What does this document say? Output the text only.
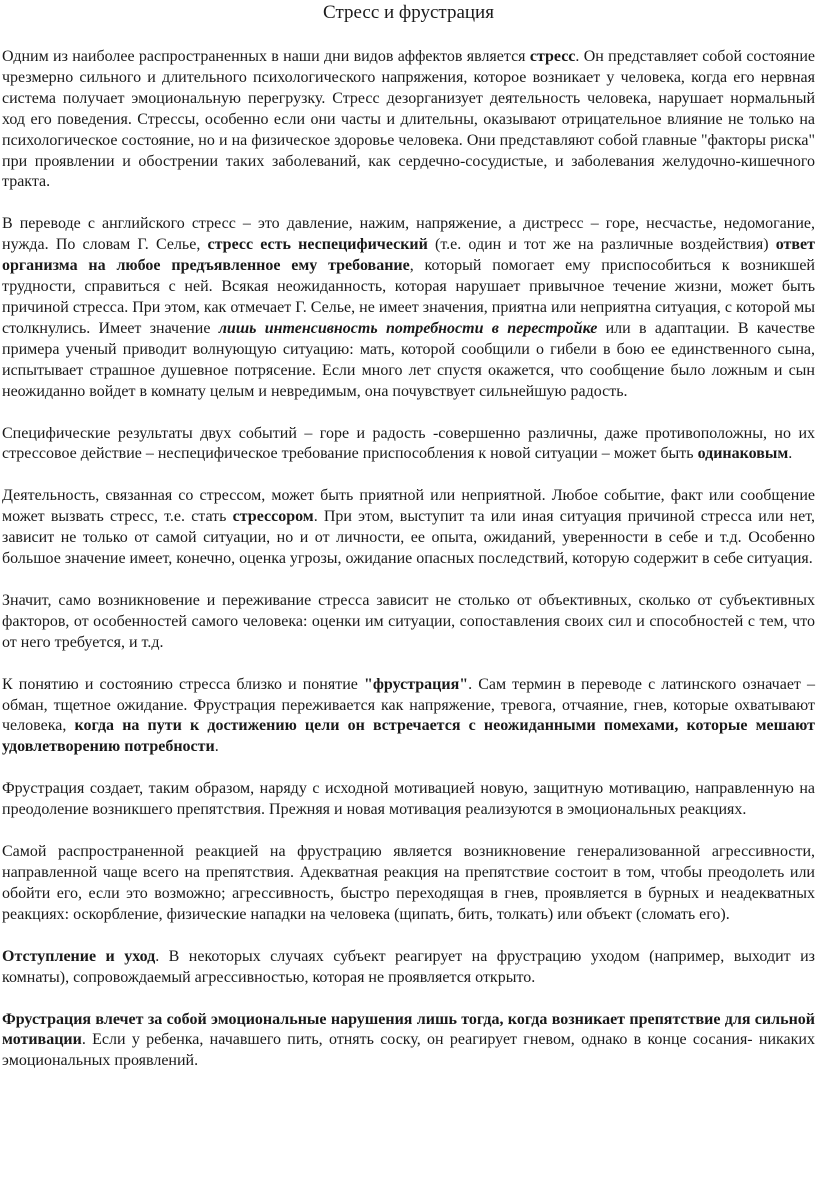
Стресс и фрустрация

Одним из наиболее распространенных в наши дни видов аффектов является стресс. Он представляет собой состояние чрезмерно сильного и длительного психологического напряжения, которое возникает у человека, когда его нервная система получает эмоциональную перегрузку. Стресс дезорганизует деятельность человека, нарушает нормальный ход его поведения. Стрессы, особенно если они часты и длительны, оказывают отрицательное влияние не только на психологическое состояние, но и на физическое здоровье человека. Они представляют собой главные "факторы риска" при проявлении и обострении таких заболеваний, как сердечно-сосудистые, и заболевания желудочно-кишечного тракта.

В переводе с английского стресс – это давление, нажим, напряжение, а дистресс – горе, несчастье, недомогание, нужда. По словам Г. Селье, стресс есть неспецифический (т.е. один и тот же на различные воздействия) ответ организма на любое предъявленное ему требование, который помогает ему приспособиться к возникшей трудности, справиться с ней. Всякая неожиданность, которая нарушает привычное течение жизни, может быть причиной стресса. При этом, как отмечает Г. Селье, не имеет значения, приятна или неприятна ситуация, с которой мы столкнулись. Имеет значение лишь интенсивность потребности в перестройке или в адаптации. В качестве примера ученый приводит волнующую ситуацию: мать, которой сообщили о гибели в бою ее единственного сына, испытывает страшное душевное потрясение. Если много лет спустя окажется, что сообщение было ложным и сын неожиданно войдет в комнату целым и невредимым, она почувствует сильнейшую радость.

Специфические результаты двух событий – горе и радость -совершенно различны, даже противоположны, но их стрессовое действие – неспецифическое требование приспособления к новой ситуации – может быть одинаковым.

Деятельность, связанная со стрессом, может быть приятной или неприятной. Любое событие, факт или сообщение может вызвать стресс, т.е. стать стрессором. При этом, выступит та или иная ситуация причиной стресса или нет, зависит не только от самой ситуации, но и от личности, ее опыта, ожиданий, уверенности в себе и т.д. Особенно большое значение имеет, конечно, оценка угрозы, ожидание опасных последствий, которую содержит в себе ситуация.

Значит, само возникновение и переживание стресса зависит не столько от объективных, сколько от субъективных факторов, от особенностей самого человека: оценки им ситуации, сопоставления своих сил и способностей с тем, что от него требуется, и т.д.

К понятию и состоянию стресса близко и понятие "фрустрация". Сам термин в переводе с латинского означает – обман, тщетное ожидание. Фрустрация переживается как напряжение, тревога, отчаяние, гнев, которые охватывают человека, когда на пути к достижению цели он встречается с неожиданными помехами, которые мешают удовлетворению потребности.

Фрустрация создает, таким образом, наряду с исходной мотивацией новую, защитную мотивацию, направленную на преодоление возникшего препятствия. Прежняя и новая мотивация реализуются в эмоциональных реакциях.

Самой распространенной реакцией на фрустрацию является возникновение генерализованной агрессивности, направленной чаще всего на препятствия. Адекватная реакция на препятствие состоит в том, чтобы преодолеть или обойти его, если это возможно; агрессивность, быстро переходящая в гнев, проявляется в бурных и неадекватных реакциях: оскорбление, физические нападки на человека (щипать, бить, толкать) или объект (сломать его).

Отступление и уход. В некоторых случаях субъект реагирует на фрустрацию уходом (например, выходит из комнаты), сопровождаемый агрессивностью, которая не проявляется открыто.

Фрустрация влечет за собой эмоциональные нарушения лишь тогда, когда возникает препятствие для сильной мотивации. Если у ребенка, начавшего пить, отнять соску, он реагирует гневом, однако в конце сосания- никаких эмоциональных проявлений.
